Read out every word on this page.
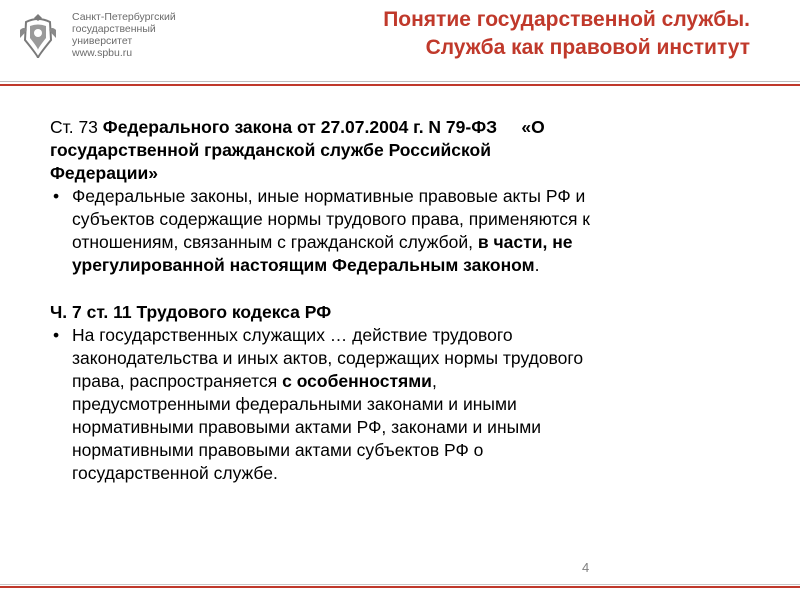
Санкт-Петербургский
государственный
университет
www.spbu.ru
Понятие государственной службы.
Служба как правовой институт
Ст. 73 Федерального закона от 27.07.2004 г. N 79-ФЗ     «О
государственной гражданской службе Российской
Федерации»
• Федеральные законы, иные нормативные правовые акты РФ и
субъектов содержащие нормы трудового права, применяются к
отношениям, связанным с гражданской службой, в части, не
урегулированной настоящим Федеральным законом.
Ч. 7 ст. 11 Трудового кодекса РФ
• На государственных служащих … действие трудового
законодательства и иных актов, содержащих нормы трудового
права, распространяется с особенностями,
предусмотренными федеральными законами и иными
нормативными правовыми актами РФ, законами и иными
нормативными правовыми актами субъектов РФ о
государственной службе.
4
